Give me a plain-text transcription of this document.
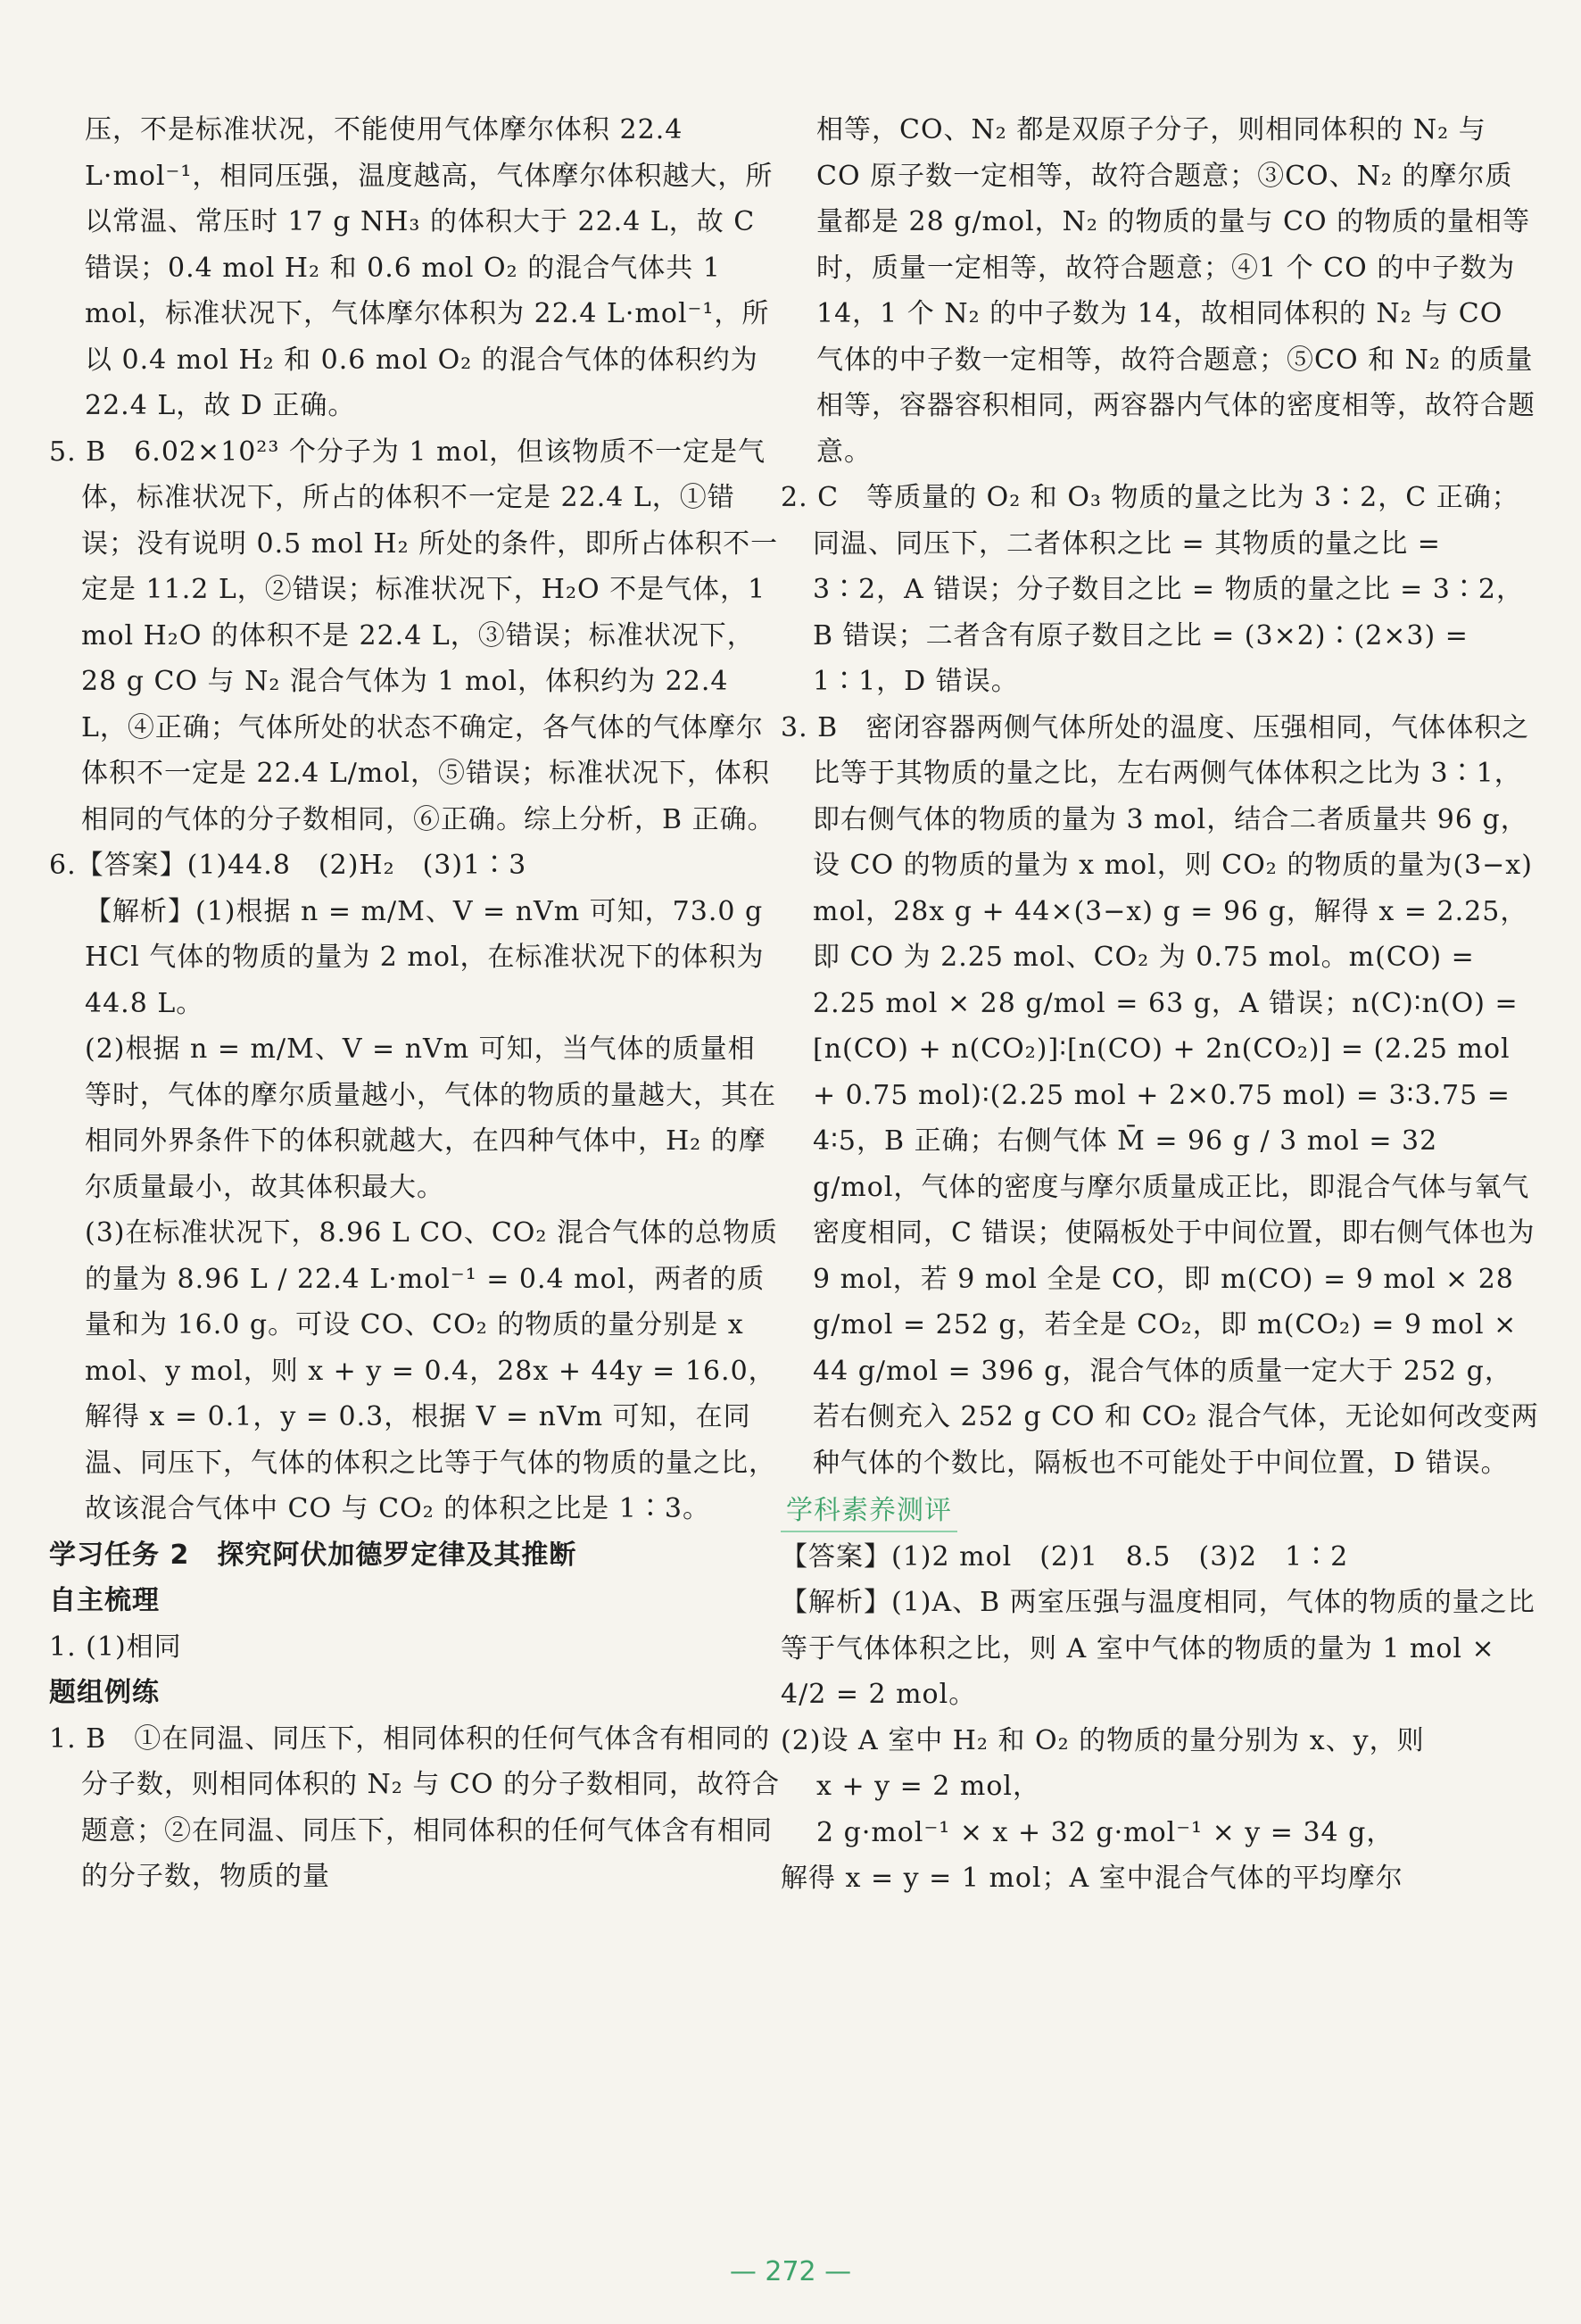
压，不是标准状况，不能使用气体摩尔体积 22.4 L·mol⁻¹，相同压强，温度越高，气体摩尔体积越大，所以常温、常压时 17 g NH₃ 的体积大于 22.4 L，故 C 错误；0.4 mol H₂ 和 0.6 mol O₂ 的混合气体共 1 mol，标准状况下，气体摩尔体积为 22.4 L·mol⁻¹，所以 0.4 mol H₂ 和 0.6 mol O₂ 的混合气体的体积约为 22.4 L，故 D 正确。

5. B　6.02×10²³ 个分子为 1 mol，但该物质不一定是气体，标准状况下，所占的体积不一定是 22.4 L，①错误；没有说明 0.5 mol H₂ 所处的条件，即所占体积不一定是 11.2 L，②错误；标准状况下，H₂O 不是气体，1 mol H₂O 的体积不是 22.4 L，③错误；标准状况下，28 g CO 与 N₂ 混合气体为 1 mol，体积约为 22.4 L，④正确；气体所处的状态不确定，各气体的气体摩尔体积不一定是 22.4 L/mol，⑤错误；标准状况下，体积相同的气体的分子数相同，⑥正确。综上分析，B 正确。

6.【答案】(1)44.8　(2)H₂　(3)1∶3

【解析】(1)根据 n = m/M、V = nVm 可知，73.0 g HCl 气体的物质的量为 2 mol，在标准状况下的体积为 44.8 L。

(2)根据 n = m/M、V = nVm 可知，当气体的质量相等时，气体的摩尔质量越小，气体的物质的量越大，其在相同外界条件下的体积就越大，在四种气体中，H₂ 的摩尔质量最小，故其体积最大。

(3)在标准状况下，8.96 L CO、CO₂ 混合气体的总物质的量为 8.96 L / 22.4 L·mol⁻¹ = 0.4 mol，两者的质量和为 16.0 g。可设 CO、CO₂ 的物质的量分别是 x mol、y mol，则 x + y = 0.4，28x + 44y = 16.0，解得 x = 0.1，y = 0.3，根据 V = nVm 可知，在同温、同压下，气体的体积之比等于气体的物质的量之比，故该混合气体中 CO 与 CO₂ 的体积之比是 1∶3。

学习任务 2　探究阿伏加德罗定律及其推断

自主梳理

1. (1)相同

题组例练

1. B　①在同温、同压下，相同体积的任何气体含有相同的分子数，则相同体积的 N₂ 与 CO 的分子数相同，故符合题意；②在同温、同压下，相同体积的任何气体含有相同的分子数，物质的量

相等，CO、N₂ 都是双原子分子，则相同体积的 N₂ 与 CO 原子数一定相等，故符合题意；③CO、N₂ 的摩尔质量都是 28 g/mol，N₂ 的物质的量与 CO 的物质的量相等时，质量一定相等，故符合题意；④1 个 CO 的中子数为 14，1 个 N₂ 的中子数为 14，故相同体积的 N₂ 与 CO 气体的中子数一定相等，故符合题意；⑤CO 和 N₂ 的质量相等，容器容积相同，两容器内气体的密度相等，故符合题意。

2. C　等质量的 O₂ 和 O₃ 物质的量之比为 3∶2，C 正确；同温、同压下，二者体积之比 = 其物质的量之比 = 3∶2，A 错误；分子数目之比 = 物质的量之比 = 3∶2，B 错误；二者含有原子数目之比 = (3×2)∶(2×3) = 1∶1，D 错误。

3. B　密闭容器两侧气体所处的温度、压强相同，气体体积之比等于其物质的量之比，左右两侧气体体积之比为 3∶1，即右侧气体的物质的量为 3 mol，结合二者质量共 96 g，设 CO 的物质的量为 x mol，则 CO₂ 的物质的量为(3−x) mol，28x g + 44×(3−x) g = 96 g，解得 x = 2.25，即 CO 为 2.25 mol、CO₂ 为 0.75 mol。m(CO) = 2.25 mol × 28 g/mol = 63 g，A 错误；n(C)∶n(O) = [n(CO) + n(CO₂)]∶[n(CO) + 2n(CO₂)] = (2.25 mol + 0.75 mol)∶(2.25 mol + 2×0.75 mol) = 3∶3.75 = 4∶5，B 正确；右侧气体 M̄ = 96 g / 3 mol = 32 g/mol，气体的密度与摩尔质量成正比，即混合气体与氧气密度相同，C 错误；使隔板处于中间位置，即右侧气体也为 9 mol，若 9 mol 全是 CO，即 m(CO) = 9 mol × 28 g/mol = 252 g，若全是 CO₂，即 m(CO₂) = 9 mol × 44 g/mol = 396 g，混合气体的质量一定大于 252 g，若右侧充入 252 g CO 和 CO₂ 混合气体，无论如何改变两种气体的个数比，隔板也不可能处于中间位置，D 错误。

学科素养测评

【答案】(1)2 mol　(2)1　8.5　(3)2　1∶2

【解析】(1)A、B 两室压强与温度相同，气体的物质的量之比等于气体体积之比，则 A 室中气体的物质的量为 1 mol × 4/2 = 2 mol。

(2)设 A 室中 H₂ 和 O₂ 的物质的量分别为 x、y，则

x + y = 2 mol，

2 g·mol⁻¹ × x + 32 g·mol⁻¹ × y = 34 g，

解得 x = y = 1 mol；A 室中混合气体的平均摩尔

— 272 —
